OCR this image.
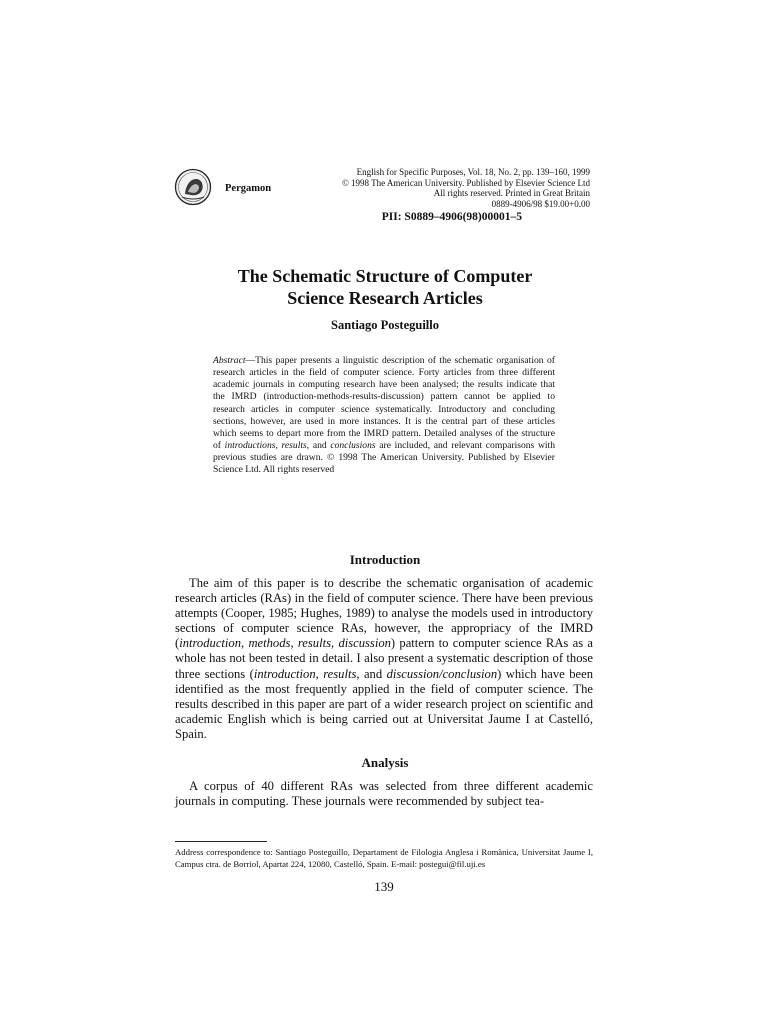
Pergamon
English for Specific Purposes, Vol. 18, No. 2, pp. 139–160, 1999
© 1998 The American University. Published by Elsevier Science Ltd
All rights reserved. Printed in Great Britain
0889-4906/98 $19.00+0.00
PII: S0889–4906(98)00001–5
The Schematic Structure of Computer
Science Research Articles
Santiago Posteguillo
Abstract—This paper presents a linguistic description of the schematic organisation of research articles in the field of computer science. Forty articles from three different academic journals in computing research have been analysed; the results indicate that the IMRD (introduction-methods-results-discussion) pattern cannot be applied to research articles in computer science systematically. Introductory and concluding sections, however, are used in more instances. It is the central part of these articles which seems to depart more from the IMRD pattern. Detailed analyses of the structure of introductions, results, and conclusions are included, and relevant comparisons with previous studies are drawn. © 1998 The American University. Published by Elsevier Science Ltd. All rights reserved
Introduction
The aim of this paper is to describe the schematic organisation of academic research articles (RAs) in the field of computer science. There have been previous attempts (Cooper, 1985; Hughes, 1989) to analyse the models used in introductory sections of computer science RAs, however, the appropriacy of the IMRD (introduction, methods, results, discussion) pattern to computer science RAs as a whole has not been tested in detail. I also present a systematic description of those three sections (introduction, results, and discussion/conclusion) which have been identified as the most frequently applied in the field of computer science. The results described in this paper are part of a wider research project on scientific and academic English which is being carried out at Universitat Jaume I at Castelló, Spain.
Analysis
A corpus of 40 different RAs was selected from three different academic journals in computing. These journals were recommended by subject tea-
Address correspondence to: Santiago Posteguillo, Departament de Filologia Anglesa i Romànica, Universitat Jaume I, Campus ctra. de Borriol, Apartat 224, 12080, Castelló, Spain. E-mail: postegui@fil.uji.es
139
